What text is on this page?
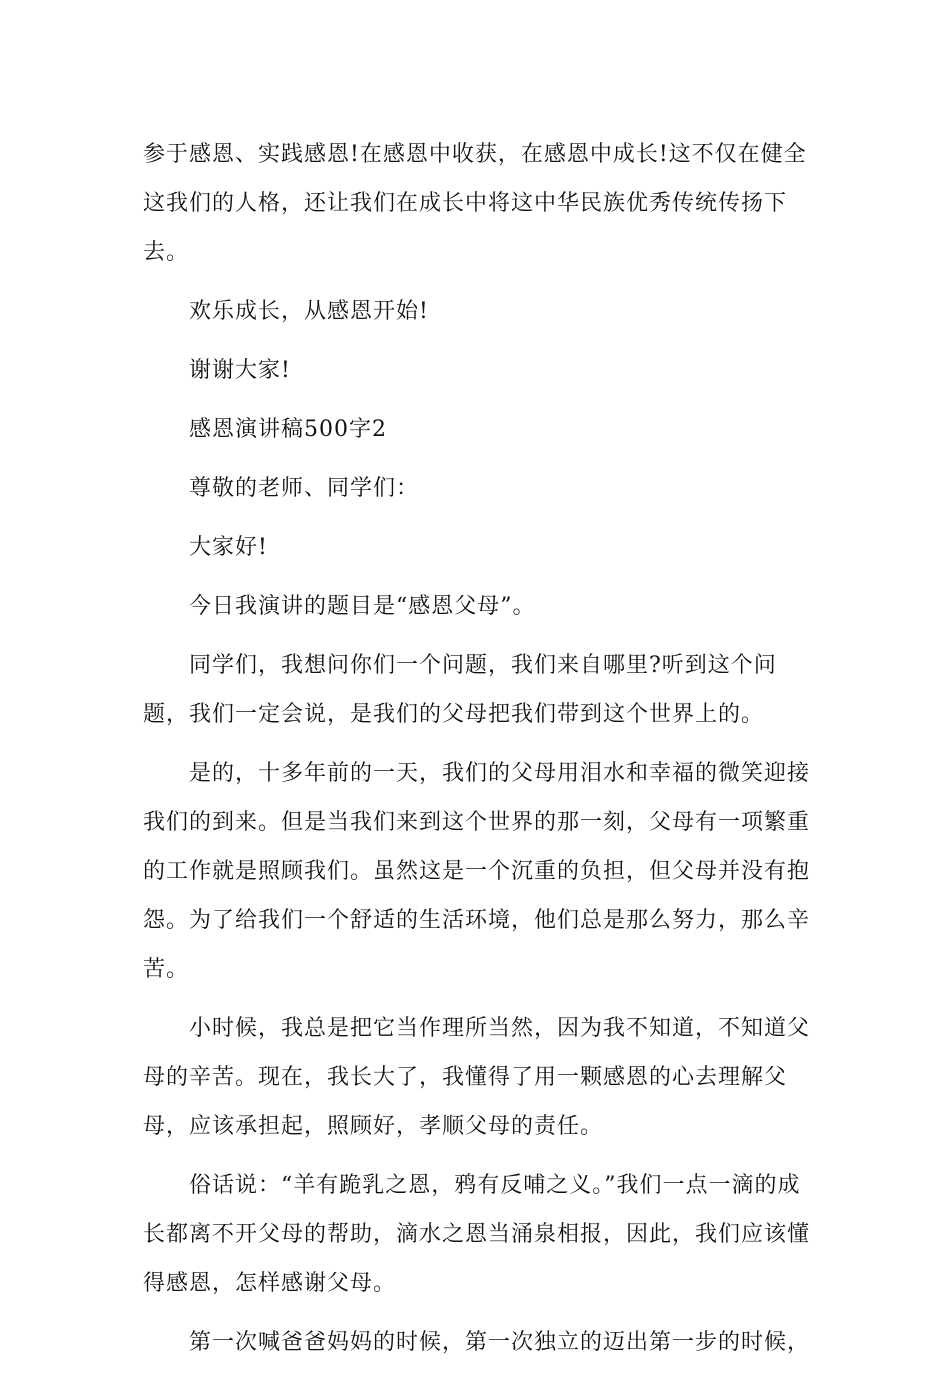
参于感恩、实践感恩!在感恩中收获，在感恩中成长!这不仅在健全这我们的人格，还让我们在成长中将这中华民族优秀传统传扬下去。

欢乐成长，从感恩开始!

谢谢大家!

感恩演讲稿500字2

尊敬的老师、同学们：

大家好!

今日我演讲的题目是“感恩父母”。

同学们，我想问你们一个问题，我们来自哪里?听到这个问题，我们一定会说，是我们的父母把我们带到这个世界上的。

是的，十多年前的一天，我们的父母用泪水和幸福的微笑迎接我们的到来。但是当我们来到这个世界的那一刻，父母有一项繁重的工作就是照顾我们。虽然这是一个沉重的负担，但父母并没有抱怨。为了给我们一个舒适的生活环境，他们总是那么努力，那么辛苦。

小时候，我总是把它当作理所当然，因为我不知道，不知道父母的辛苦。现在，我长大了，我懂得了用一颗感恩的心去理解父母，应该承担起，照顾好，孝顺父母的责任。

俗话说：“羊有跪乳之恩，鸦有反哺之义。”我们一点一滴的成长都离不开父母的帮助，滴水之恩当涌泉相报，因此，我们应该懂得感恩，怎样感谢父母。

第一次喊爸爸妈妈的时候，第一次独立的迈出第一步的时候，
